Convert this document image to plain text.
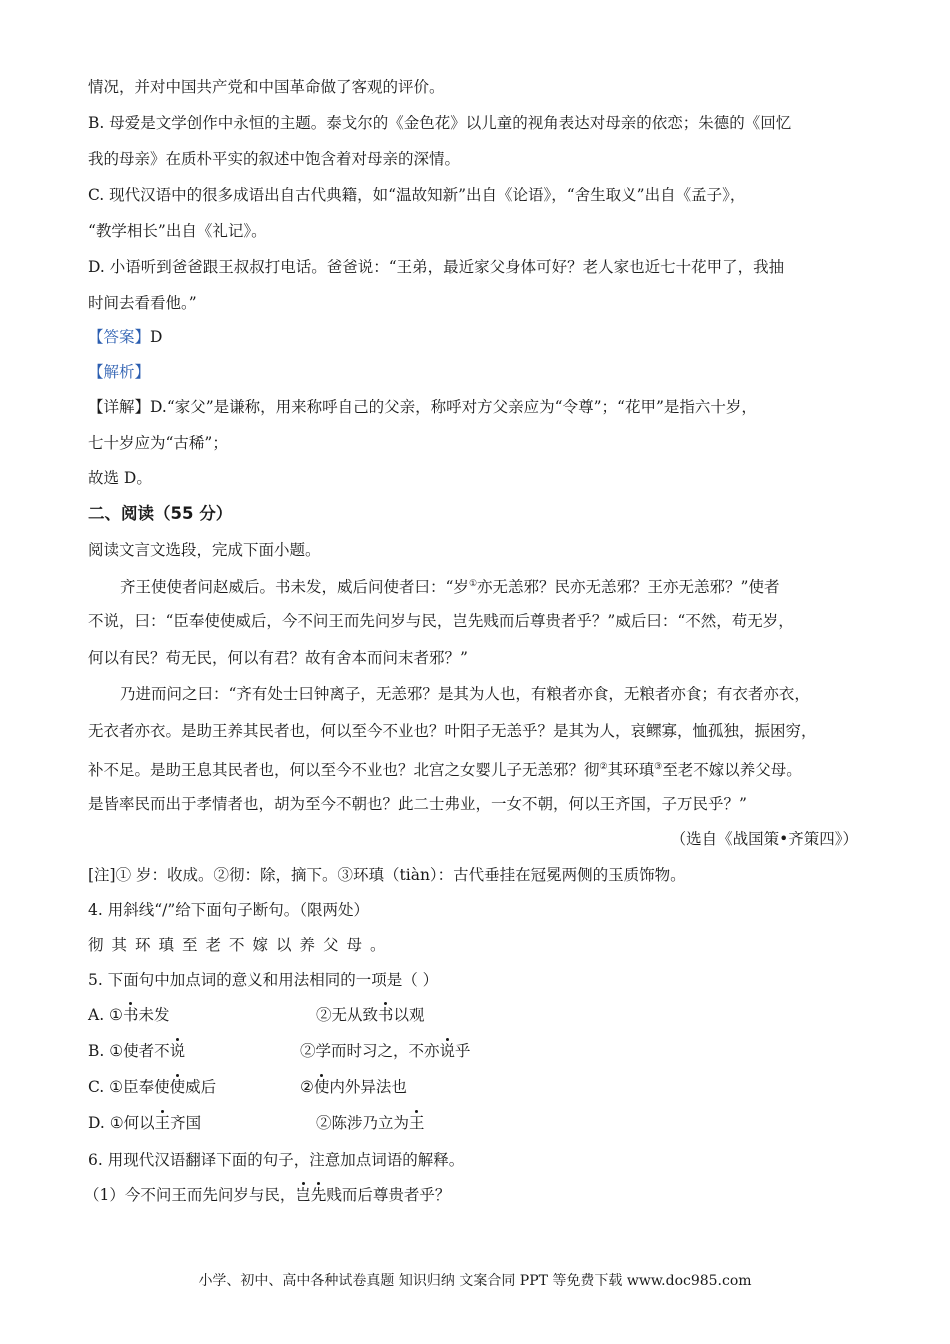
情况，并对中国共产党和中国革命做了客观的评价。
B. 母爱是文学创作中永恒的主题。泰戈尔的《金色花》以儿童的视角表达对母亲的依恋；朱德的《回忆
我的母亲》在质朴平实的叙述中饱含着对母亲的深情。
C. 现代汉语中的很多成语出自古代典籍，如“温故知新”出自《论语》，“舍生取义”出自《孟子》，
“教学相长”出自《礼记》。
D. 小语听到爸爸跟王叔叔打电话。爸爸说：“王弟，最近家父身体可好？老人家也近七十花甲了，我抽
时间去看看他。”
【答案】D
【解析】
【详解】D.“家父”是谦称，用来称呼自己的父亲，称呼对方父亲应为“令尊”；“花甲”是指六十岁，
七十岁应为“古稀”；
故选 D。
二、阅读（55 分）
阅读文言文选段，完成下面小题。
齐王使使者问赵威后。书未发，威后问使者曰：“岁①亦无恙邪？民亦无恙邪？王亦无恙邪？”使者
不说，曰：“臣奉使使威后，今不问王而先问岁与民，岂先贱而后尊贵者乎？”威后曰：“不然，苟无岁，
何以有民？苟无民，何以有君？故有舍本而问末者邪？”
乃进而问之曰：“齐有处士曰钟离子，无恙邪？是其为人也，有粮者亦食，无粮者亦食；有衣者亦衣，
无衣者亦衣。是助王养其民者也，何以至今不业也？叶阳子无恙乎？是其为人，哀鳏寡，恤孤独，振困穷，
补不足。是助王息其民者也，何以至今不业也？北宫之女婴儿子无恙邪？彻②其环瑱③至老不嫁以养父母。
是皆率民而出于孝情者也，胡为至今不朝也？此二士弗业，一女不朝，何以王齐国，子万民乎？”
（选自《战国策•齐策四》）
[注]① 岁：收成。②彻：除，摘下。③环瑱（tiàn）：古代垂挂在冠冕两侧的玉质饰物。
4. 用斜线“/”给下面句子断句。（限两处）
彻其环瑱至老不嫁以养父母。
5. 下面句中加点词的意义和用法相同的一项是（ ）
A. ①书未发	②无从致书以观
B. ①使者不说	②学而时习之，不亦说乎
C. ①臣奉使使威后	②使内外异法也
D. ①何以王齐国	②陈涉乃立为王
6. 用现代汉语翻译下面的句子，注意加点词语的解释。
（1）今不问王而先问岁与民，岂先贱而后尊贵者乎？
小学、初中、高中各种试卷真题 知识归纳 文案合同 PPT 等免费下载 www.doc985.com
